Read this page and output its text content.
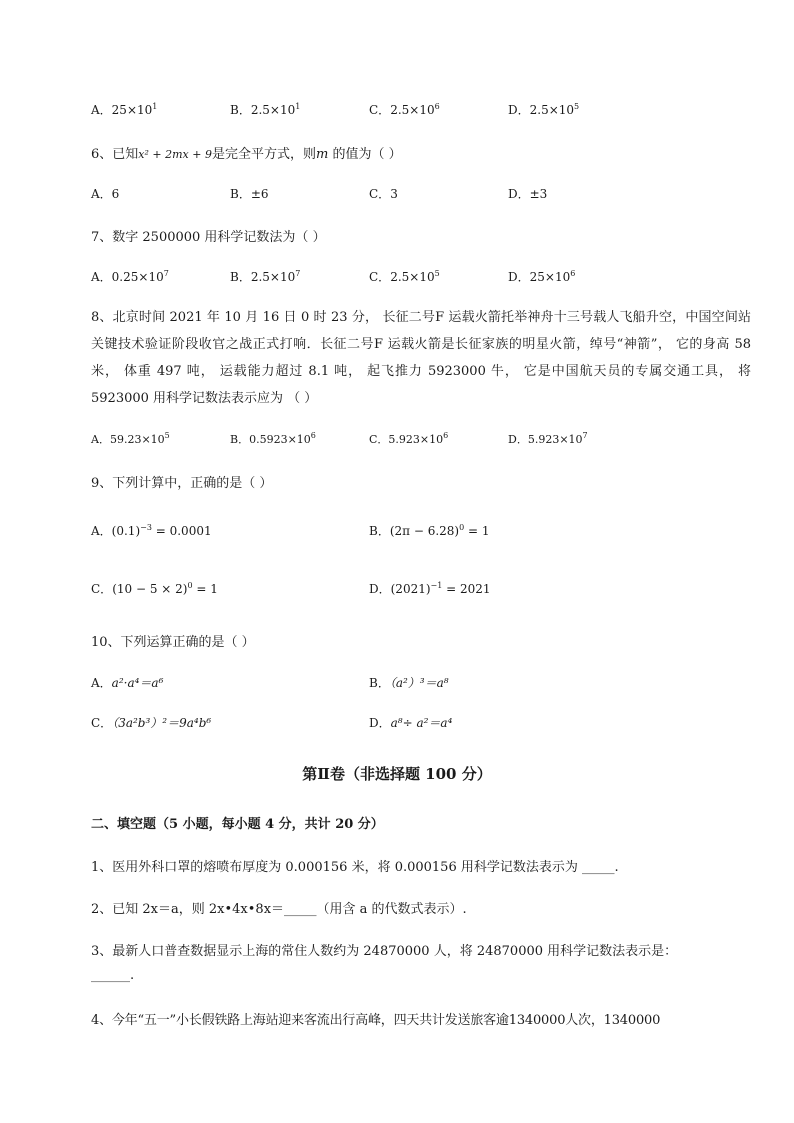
A．$25\times 10^1$	B．$2.5\times 10^1$	C．$2.5\times 10^6$	D．$2.5\times 10^5$
6、已知x² + 2mx + 9是完全平方式，则m 的值为（ ）
A．6	B．±6	C．3	D．±3
7、数字 2500000 用科学记数法为（ ）
A．$0.25\times 10^7$	B．$2.5\times 10^7$	C．$2.5\times 10^5$	D．$25\times 10^6$
8、北京时间 2021 年 10 月 16 日 0 时 23 分， 长征二号F 运载火箭托举神舟十三号载人飞船升空，中国空间站关键技术验证阶段收官之战正式打响．长征二号F 运载火箭是长征家族的明星火箭，绰号“神箭”， 它的身高 58 米， 体重 497 吨， 运载能力超过 8.1 吨， 起飞推力 5923000 牛， 它是中国航天员的专属交通工具， 将 5923000 用科学记数法表示应为 （ ）
A．$59.23\times 10^5$	B．$0.5923\times 10^6$	C．$5.923\times 10^6$	D．$5.923\times 10^7$
9、下列计算中，正确的是（ ）
A．$(0.1)^{-3} = 0.0001$	B．$(2\pi - 6.28)^0 = 1$
C．$(10 - 5 \times 2)^0 = 1$	D．$(2021)^{-1} = 2021$
10、下列运算正确的是（ ）
A．a²·a⁴＝a⁶	B．（a²）³＝a⁸
C．（3a²b³）²＝9a⁴b⁶	D．a⁸÷ a²＝a⁴
第Ⅱ卷（非选择题 100 分）
二、填空题（5 小题，每小题 4 分，共计 20 分）
1、医用外科口罩的熔喷布厚度为 0.000156 米，将 0.000156 用科学记数法表示为 _____.
2、已知 2x＝a，则 2x•4x•8x＝_____（用含 a 的代数式表示）.
3、最新人口普查数据显示上海的常住人数约为 24870000 人，将 24870000 用科学记数法表示是：
______.
4、今年“五一”小长假铁路上海站迎来客流出行高峰，四天共计发送旅客逾1340000人次，1340000
